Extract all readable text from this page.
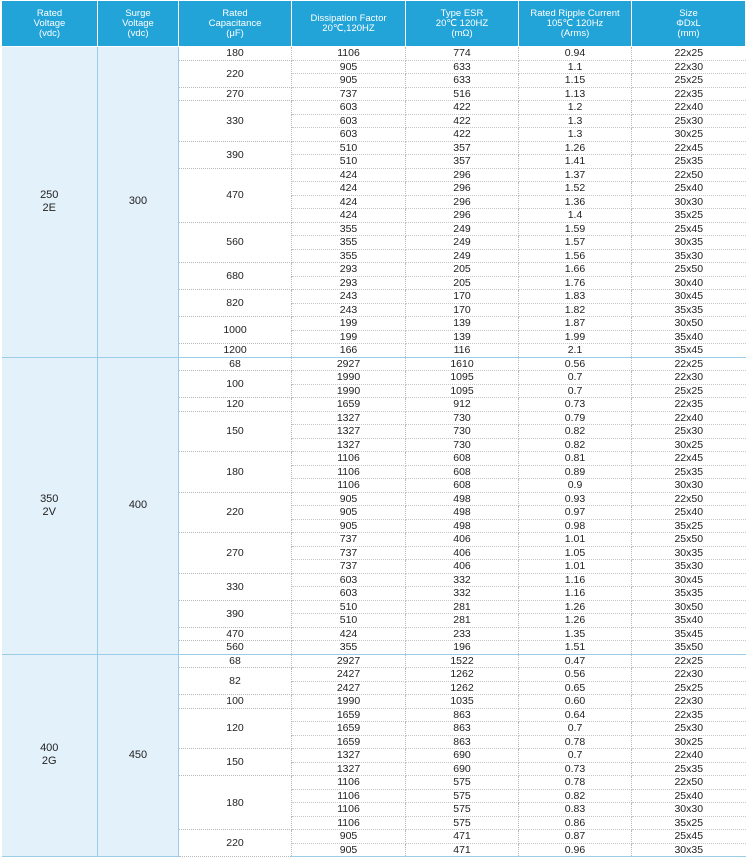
Rated
Voltage
(vdc)	Surge
Voltage
(vdc)	Rated
Capacitance
(μF)	Dissipation Factor
20℃,120HZ	Type ESR
20℃ 120HZ
(mΩ)	Rated Ripple Current
105℃ 120Hz
(Arms)	Size
ΦDxL
(mm)
250
2E	300	180	1106	774	0.94	22x25
		220	905	633	1.1	22x30
			905	633	1.15	25x25
		270	737	516	1.13	22x35
		330	603	422	1.2	22x40
			603	422	1.3	25x30
			603	422	1.3	30x25
		390	510	357	1.26	22x45
			510	357	1.41	25x35
		470	424	296	1.37	22x50
			424	296	1.52	25x40
			424	296	1.36	30x30
			424	296	1.4	35x25
		560	355	249	1.59	25x45
			355	249	1.57	30x35
			355	249	1.56	35x30
		680	293	205	1.66	25x50
			293	205	1.76	30x40
		820	243	170	1.83	30x45
			243	170	1.82	35x35
		1000	199	139	1.87	30x50
			199	139	1.99	35x40
		1200	166	116	2.1	35x45
350
2V	400	68	2927	1610	0.56	22x25
		100	1990	1095	0.7	22x30
			1990	1095	0.7	25x25
		120	1659	912	0.73	22x35
		150	1327	730	0.79	22x40
			1327	730	0.82	25x30
			1327	730	0.82	30x25
		180	1106	608	0.81	22x45
			1106	608	0.89	25x35
			1106	608	0.9	30x30
		220	905	498	0.93	22x50
			905	498	0.97	25x40
			905	498	0.98	35x25
		270	737	406	1.01	25x50
			737	406	1.05	30x35
			737	406	1.01	35x30
		330	603	332	1.16	30x45
			603	332	1.16	35x35
		390	510	281	1.26	30x50
			510	281	1.26	35x40
		470	424	233	1.35	35x45
		560	355	196	1.51	35x50
400
2G	450	68	2927	1522	0.47	22x25
		82	2427	1262	0.56	22x30
			2427	1262	0.65	25x25
		100	1990	1035	0.60	22x30
		120	1659	863	0.64	22x35
			1659	863	0.7	25x30
			1659	863	0.78	30x25
		150	1327	690	0.7	22x40
			1327	690	0.73	25x35
		180	1106	575	0.78	22x50
			1106	575	0.82	25x40
			1106	575	0.83	30x30
			1106	575	0.86	35x25
		220	905	471	0.87	25x45
			905	471	0.96	30x35
